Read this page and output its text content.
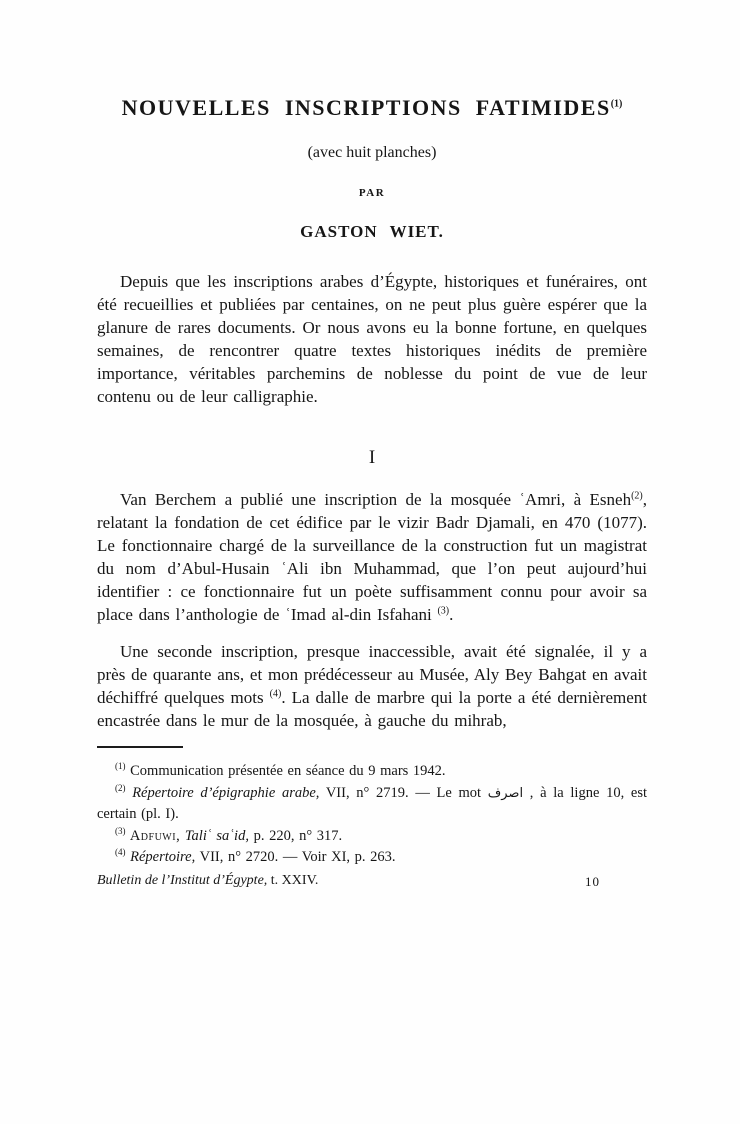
NOUVELLES INSCRIPTIONS FATIMIDES$^{(1)}$
(avec huit planches)
PAR
GASTON WIET.

Depuis que les inscriptions arabes d’Égypte, historiques et funéraires, ont été recueillies et publiées par centaines, on ne peut plus guère espérer que la glanure de rares documents. Or nous avons eu la bonne fortune, en quelques semaines, de rencontrer quatre textes historiques inédits de première importance, véritables parchemins de noblesse du point de vue de leur contenu ou de leur calligraphie.

I

Van Berchem a publié une inscription de la mosquée ʿAmri, à Esneh$^{(2)}$, relatant la fondation de cet édifice par le vizir Badr Djamali, en 470 (1077). Le fonctionnaire chargé de la surveillance de la construction fut un magistrat du nom d’Abul-Husain ʿAli ibn Muhammad, que l’on peut aujourd’hui identifier : ce fonctionnaire fut un poète suffisamment connu pour avoir sa place dans l’anthologie de ʿImad al-din Isfahani $^{(3)}$.

Une seconde inscription, presque inaccessible, avait été signalée, il y a près de quarante ans, et mon prédécesseur au Musée, Aly Bey Bahgat en avait déchiffré quelques mots $^{(4)}$. La dalle de marbre qui la porte a été dernièrement encastrée dans le mur de la mosquée, à gauche du mihrab,

$^{(1)}$ Communication présentée en séance du 9 mars 1942.

$^{(2)}$ Répertoire d’épigraphie arabe, VII, n° 2719. — Le mot اصرف , à la ligne 10, est certain (pl. I).

$^{(3)}$ Adfuwi, Taliʿ saʿid, p. 220, n° 317.

$^{(4)}$ Répertoire, VII, n° 2720. — Voir XI, p. 263.

Bulletin de l’Institut d’Égypte, t. XXIV.	10
